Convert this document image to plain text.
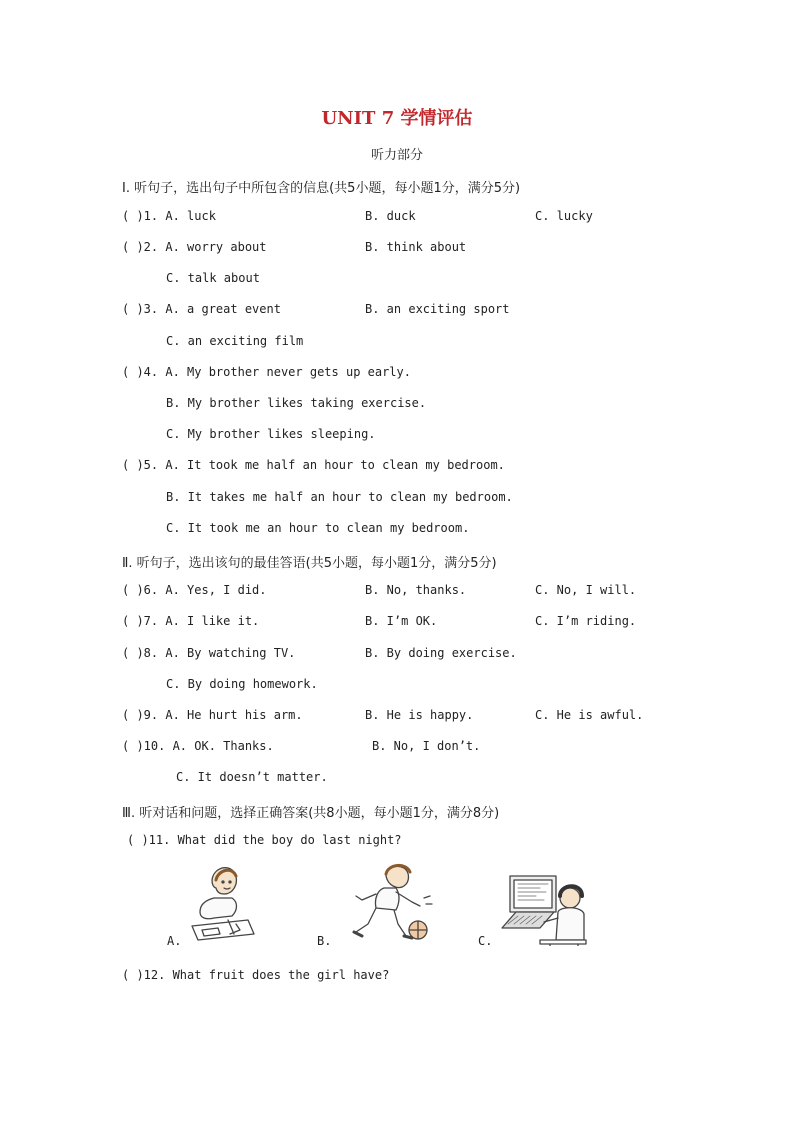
UNIT 7 学情评估
听力部分
Ⅰ. 听句子，选出句子中所包含的信息(共5小题，每小题1分，满分5分)
( )1. A. luck	B. duck	C. lucky
( )2. A. worry about	B. think about
C. talk about
( )3. A. a great event	B. an exciting sport
C. an exciting film
( )4. A. My brother never gets up early.
B. My brother likes taking exercise.
C. My brother likes sleeping.
( )5. A. It took me half an hour to clean my bedroom.
B. It takes me half an hour to clean my bedroom.
C. It took me an hour to clean my bedroom.
Ⅱ. 听句子，选出该句的最佳答语(共5小题，每小题1分，满分5分)
( )6. A. Yes, I did.	B. No, thanks.	C. No, I will.
( )7. A. I like it.	B. I’m OK.	C. I’m riding.
( )8. A. By watching TV.	B. By doing exercise.
C. By doing homework.
( )9. A. He hurt his arm.	B. He is happy.	C. He is awful.
( )10. A. OK. Thanks.	B. No, I don’t.
C. It doesn’t matter.
Ⅲ. 听对话和问题，选择正确答案(共8小题，每小题1分，满分8分)
( )11. What did the boy do last night?
A.	B.	C.
( )12. What fruit does the girl have?
